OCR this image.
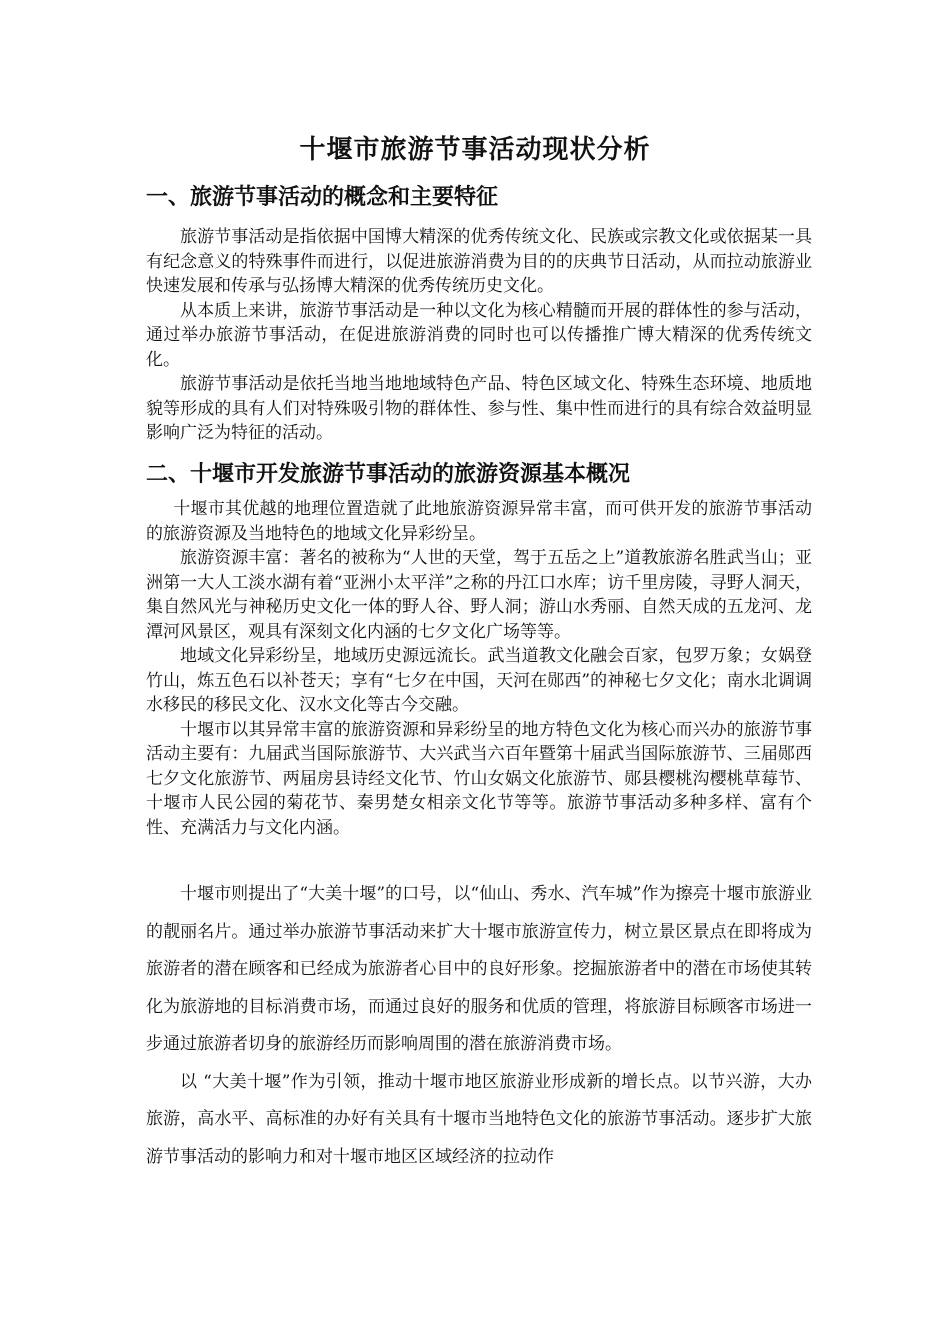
十堰市旅游节事活动现状分析
一、旅游节事活动的概念和主要特征

旅游节事活动是指依据中国博大精深的优秀传统文化、民族或宗教文化或依据某一具有纪念意义的特殊事件而进行，以促进旅游消费为目的的庆典节日活动，从而拉动旅游业快速发展和传承与弘扬博大精深的优秀传统历史文化。

从本质上来讲，旅游节事活动是一种以文化为核心精髓而开展的群体性的参与活动，通过举办旅游节事活动，在促进旅游消费的同时也可以传播推广博大精深的优秀传统文化。

旅游节事活动是依托当地当地地域特色产品、特色区域文化、特殊生态环境、地质地貌等形成的具有人们对特殊吸引物的群体性、参与性、集中性而进行的具有综合效益明显影响广泛为特征的活动。

二、十堰市开发旅游节事活动的旅游资源基本概况

十堰市其优越的地理位置造就了此地旅游资源异常丰富，而可供开发的旅游节事活动的旅游资源及当地特色的地域文化异彩纷呈。

旅游资源丰富：著名的被称为“人世的天堂，驾于五岳之上”道教旅游名胜武当山；亚洲第一大人工淡水湖有着“亚洲小太平洋”之称的丹江口水库；访千里房陵，寻野人洞天，集自然风光与神秘历史文化一体的野人谷、野人洞；游山水秀丽、自然天成的五龙河、龙潭河风景区，观具有深刻文化内涵的七夕文化广场等等。

地域文化异彩纷呈，地域历史源远流长。武当道教文化融会百家，包罗万象；女娲登竹山，炼五色石以补苍天；享有“七夕在中国，天河在郧西”的神秘七夕文化；南水北调调水移民的移民文化、汉水文化等古今交融。

十堰市以其异常丰富的旅游资源和异彩纷呈的地方特色文化为核心而兴办的旅游节事活动主要有：九届武当国际旅游节、大兴武当六百年暨第十届武当国际旅游节、三届郧西七夕文化旅游节、两届房县诗经文化节、竹山女娲文化旅游节、郧县樱桃沟樱桃草莓节、十堰市人民公园的菊花节、秦男楚女相亲文化节等等。旅游节事活动多种多样、富有个性、充满活力与文化内涵。

十堰市则提出了“大美十堰”的口号，以“仙山、秀水、汽车城”作为擦亮十堰市旅游业的靓丽名片。通过举办旅游节事活动来扩大十堰市旅游宣传力，树立景区景点在即将成为旅游者的潜在顾客和已经成为旅游者心目中的良好形象。挖掘旅游者中的潜在市场使其转化为旅游地的目标消费市场，而通过良好的服务和优质的管理，将旅游目标顾客市场进一步通过旅游者切身的旅游经历而影响周围的潜在旅游消费市场。

以 “大美十堰”作为引领，推动十堰市地区旅游业形成新的增长点。以节兴游，大办旅游，高水平、高标准的办好有关具有十堰市当地特色文化的旅游节事活动。逐步扩大旅游节事活动的影响力和对十堰市地区区域经济的拉动作
